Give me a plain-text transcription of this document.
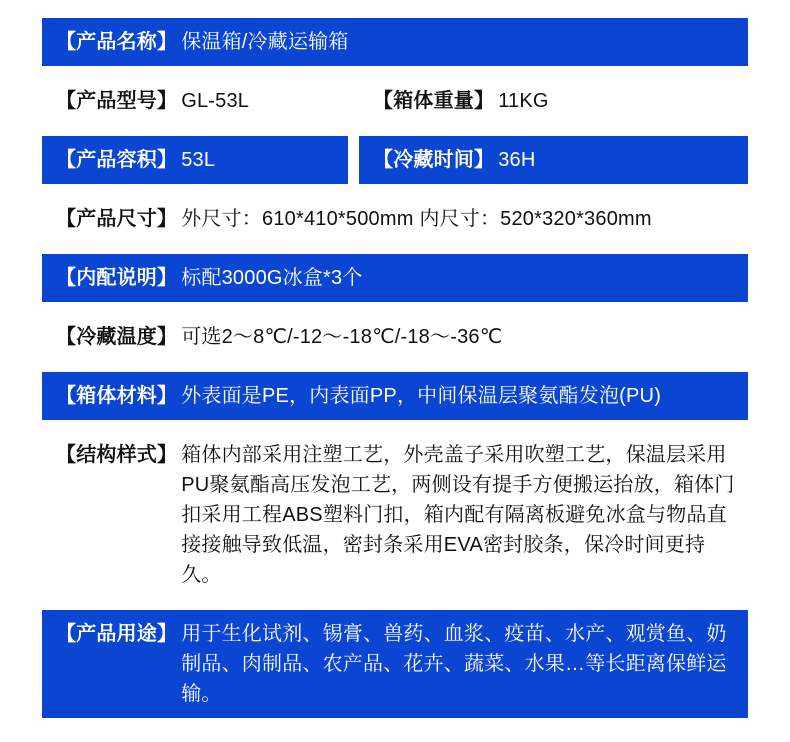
【产品名称】 保温箱/冷藏运输箱
【产品型号】 GL-53L	【箱体重量】 11KG
【产品容积】 53L	【冷藏时间】 36H
【产品尺寸】 外尺寸：610*410*500mm 内尺寸：520*320*360mm
【内配说明】 标配3000G冰盒*3个
【冷藏温度】 可选2～8℃/-12～-18℃/-18～-36℃
【箱体材料】 外表面是PE，内表面PP，中间保温层聚氨酯发泡(PU)
【结构样式】 箱体内部采用注塑工艺，外壳盖子采用吹塑工艺，保温层采用PU聚氨酯高压发泡工艺，两侧设有提手方便搬运抬放，箱体门扣采用工程ABS塑料门扣，箱内配有隔离板避免冰盒与物品直接接触导致低温，密封条采用EVA密封胶条，保冷时间更持久。
【产品用途】 用于生化试剂、锡膏、兽药、血浆、疫苗、水产、观赏鱼、奶制品、肉制品、农产品、花卉、蔬菜、水果…等长距离保鲜运输。
